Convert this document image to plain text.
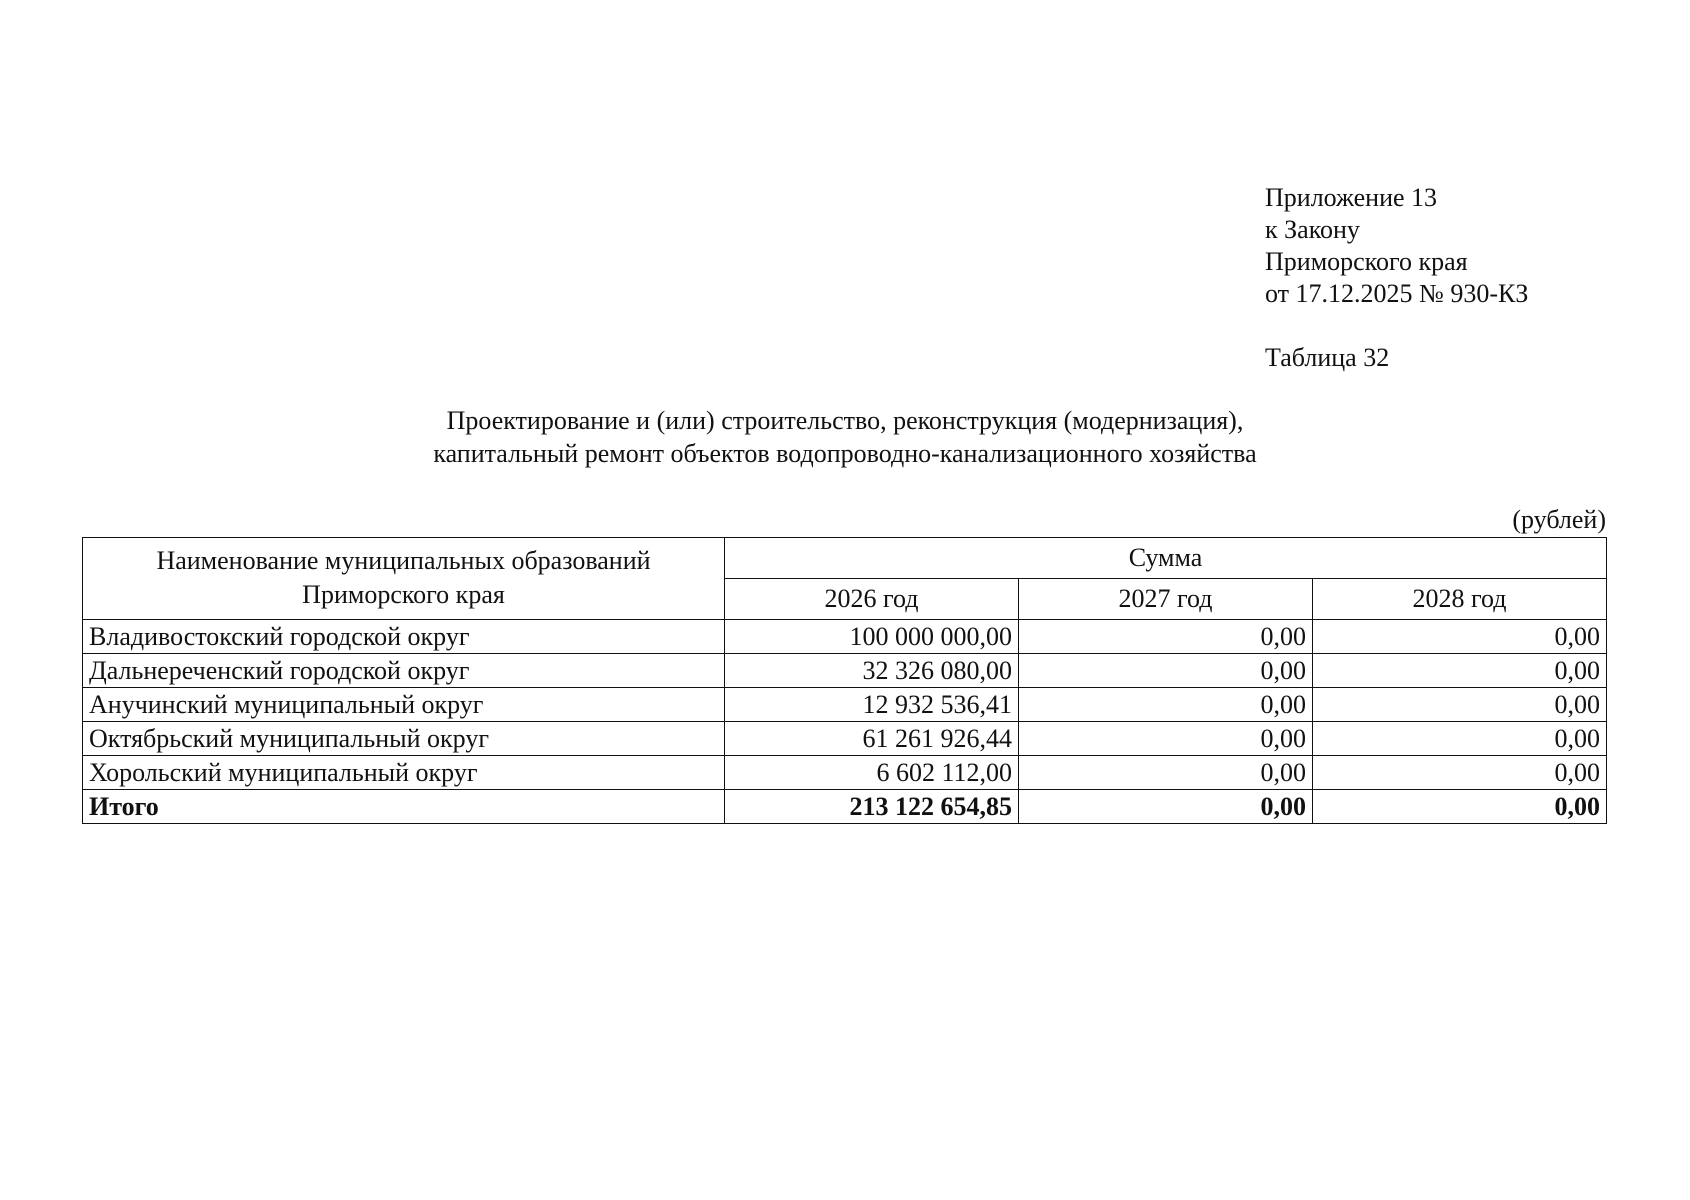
Приложение 13
к Закону
Приморского края
от 17.12.2025 № 930-КЗ
Таблица 32
Проектирование и (или) строительство, реконструкция (модернизация),
капитальный ремонт объектов водопроводно-канализационного хозяйства
(рублей)
Наименование муниципальных образований
Приморского края	Сумма		
	2026 год	2027 год	2028 год
Владивостокский городской округ	100 000 000,00	0,00	0,00
Дальнереченский городской округ	32 326 080,00	0,00	0,00
Анучинский муниципальный округ	12 932 536,41	0,00	0,00
Октябрьский муниципальный округ	61 261 926,44	0,00	0,00
Хорольский муниципальный округ	6 602 112,00	0,00	0,00
Итого	213 122 654,85	0,00	0,00
